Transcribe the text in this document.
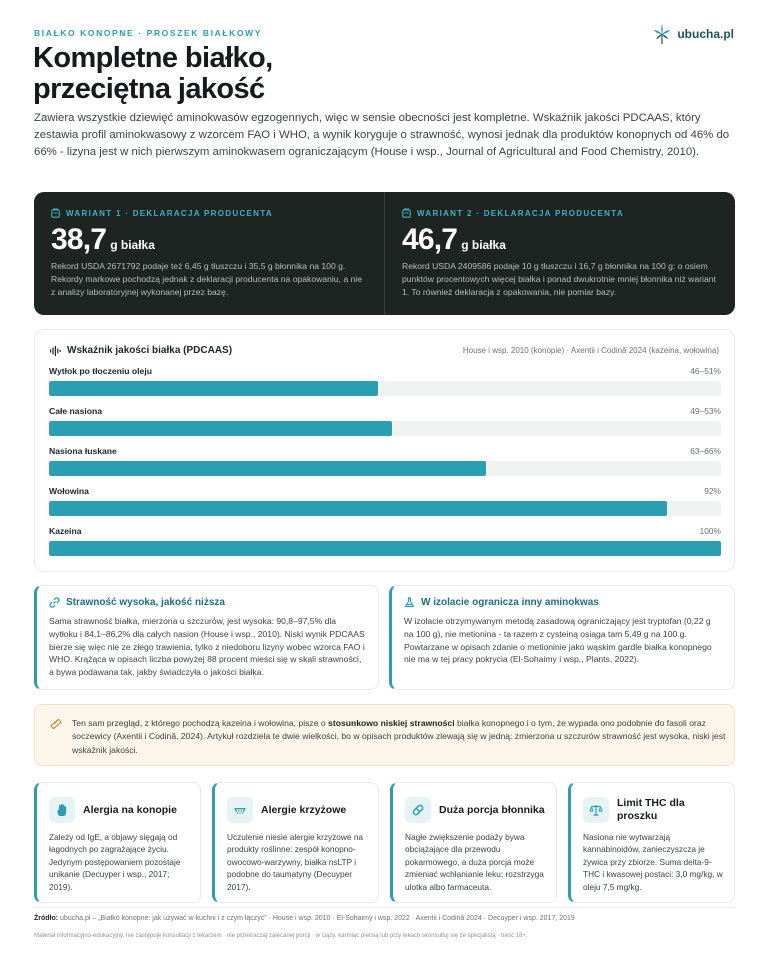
BIAŁKO KONOPNE · PROSZEK BIAŁKOWY	ubucha.pl
Kompletne białko,
przeciętna jakość

Zawiera wszystkie dziewięć aminokwasów egzogennych, więc w sensie obecności jest kompletne. Wskaźnik jakości PDCAAS, który zestawia profil aminokwasowy z wzorcem FAO i WHO, a wynik koryguje o strawność, wynosi jednak dla produktów konopnych od 46% do 66% - lizyna jest w nich pierwszym aminokwasem ograniczającym (House i wsp., Journal of Agricultural and Food Chemistry, 2010).

WARIANT 1 · DEKLARACJA PRODUCENTA
38,7 g białka

Rekord USDA 2671792 podaje też 6,45 g tłuszczu i 35,5 g błonnika na 100 g. Rekordy markowe pochodzą jednak z deklaracji producenta na opakowaniu, a nie z analizy laboratoryjnej wykonanej przez bazę.

WARIANT 2 · DEKLARACJA PRODUCENTA
46,7 g białka

Rekord USDA 2409586 podaje 10 g tłuszczu i 16,7 g błonnika na 100 g: o osiem punktów procentowych więcej białka i ponad dwukrotnie mniej błonnika niż wariant 1. To również deklaracja z opakowania, nie pomiar bazy.

Wskaźnik jakości białka (PDCAAS)	House i wsp. 2010 (konopie) · Axentii i Codină 2024 (kazeina, wołowina)
Wytłok po tłoczeniu oleju	46–51%
Całe nasiona	49–53%
Nasiona łuskane	63–66%
Wołowina	92%
Kazeina	100%
Strawność wysoka, jakość niższa

Sama strawność białka, mierzona u szczurów, jest wysoka: 90,8–97,5% dla wytłoku i 84,1–86,2% dla całych nasion (House i wsp., 2010). Niski wynik PDCAAS bierze się więc nie ze złego trawienia, tylko z niedoboru lizyny wobec wzorca FAO i WHO. Krążąca w opisach liczba powyżej 88 procent mieści się w skali strawności, a bywa podawana tak, jakby świadczyła o jakości białka.

W izolacie ogranicza inny aminokwas

W izolacie otrzymywanym metodą zasadową ograniczający jest tryptofan (0,22 g na 100 g), nie metionina - ta razem z cysteiną osiąga tam 5,49 g na 100 g. Powtarzane w opisach zdanie o metioninie jako wąskim gardle białka konopnego nie ma w tej pracy pokrycia (El-Sohaimy i wsp., Plants, 2022).

Ten sam przegląd, z którego pochodzą kazeina i wołowina, pisze o stosunkowo niskiej strawności białka konopnego i o tym, że wypada ono podobnie do fasoli oraz soczewicy (Axentii i Codină, 2024). Artykuł rozdziela te dwie wielkości, bo w opisach produktów zlewają się w jedną: zmierzona u szczurów strawność jest wysoka, niski jest wskaźnik jakości.

Alergia na konopie

Zależy od IgE, a objawy sięgają od łagodnych po zagrażające życiu. Jedynym postępowaniem pozostaje unikanie (Decuyper i wsp., 2017; 2019).

Alergie krzyżowe

Uczulenie niesie alergie krzyżowe na produkty roślinne: zespół konopno-owocowo-warzywny, białka nsLTP i podobne do taumatyny (Decuyper 2017).

Duża porcja błonnika

Nagłe zwiększenie podaży bywa obciążające dla przewodu pokarmowego, a duża porcja może zmieniać wchłanianie leku; rozstrzyga ulotka albo farmaceuta.

Limit THC dla proszku

Nasiona nie wytwarzają kannabinoidów, zanieczyszcza je żywica przy zbiorze. Suma delta-9-THC i kwasowej postaci: 3,0 mg/kg, w oleju 7,5 mg/kg.

Źródło: ubucha.pl – „Białko konopne: jak używać w kuchni i z czym łączyć” · House i wsp. 2010 · El-Sohaimy i wsp. 2022 · Axentii i Codină 2024 · Decuyper i wsp. 2017, 2019
Materiał informacyjno-edukacyjny, nie zastępuje konsultacji z lekarzem · nie przekraczaj zalecanej porcji · w ciąży, karmiąc piersią lub przy lekach skonsultuj się ze specjalistą · treść 18+.
